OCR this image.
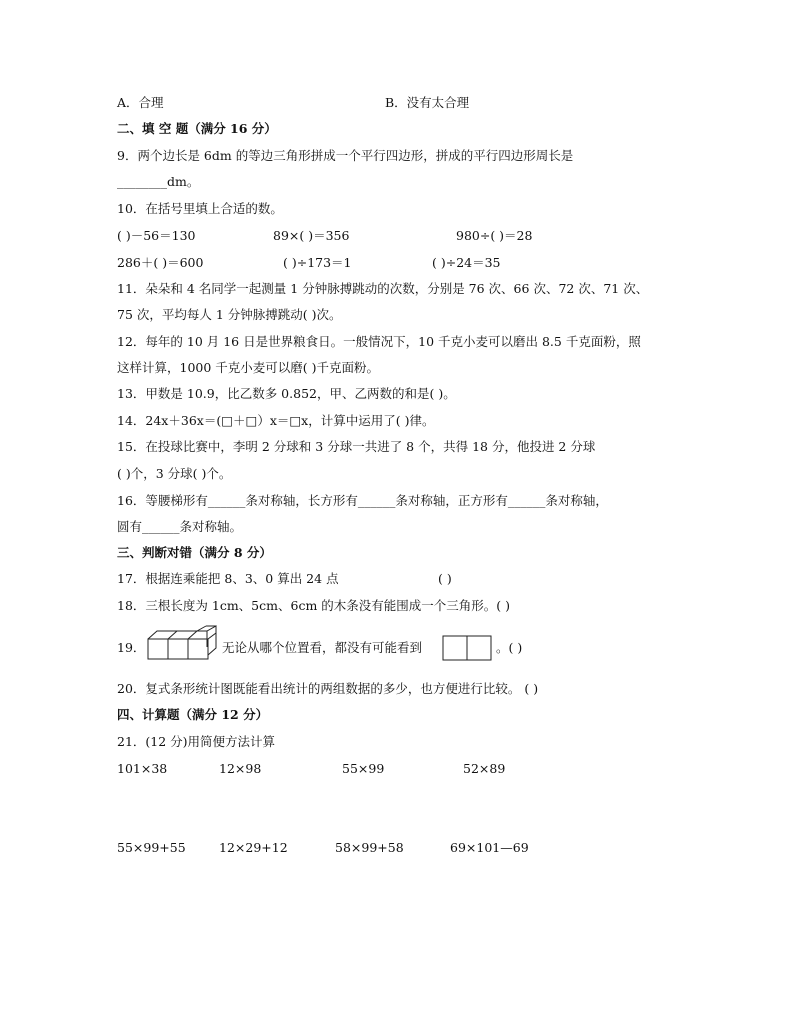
A．合理	B．没有太合理
二、填 空 题（满分 16 分）
9．两个边长是 6dm 的等边三角形拼成一个平行四边形，拼成的平行四边形周长是
________dm。
10．在括号里填上合适的数。
( )－56＝130	89×( )＝356	980÷( )＝28
286＋( )＝600	( )÷173＝1	( )÷24＝35
11．朵朵和 4 名同学一起测量 1 分钟脉搏跳动的次数，分别是 76 次、66 次、72 次、71 次、
75 次，平均每人 1 分钟脉搏跳动( )次。
12．每年的 10 月 16 日是世界粮食日。一般情况下，10 千克小麦可以磨出 8.5 千克面粉，照
这样计算，1000 千克小麦可以磨( )千克面粉。
13．甲数是 10.9，比乙数多 0.852，甲、乙两数的和是( )。
14．24x＋36x＝(□＋□）x＝□x，计算中运用了( )律。
15．在投球比赛中，李明 2 分球和 3 分球一共进了 8 个，共得 18 分，他投进 2 分球
( )个，3 分球( )个。
16．等腰梯形有______条对称轴，长方形有______条对称轴，正方形有______条对称轴，
圆有______条对称轴。
三、判断对错（满分 8 分）
17．根据连乘能把 8、3、0 算出 24 点	( )
18．三根长度为 1cm、5cm、6cm 的木条没有能围成一个三角形。( )
19．	无论从哪个位置看，都没有可能看到	。( )
20．复式条形统计图既能看出统计的两组数据的多少，也方便进行比较。 ( )
四、计算题（满分 12 分）
21．(12 分)用简便方法计算
101×38	12×98	55×99	52×89
55×99+55	12×29+12	58×99+58	69×101—69
